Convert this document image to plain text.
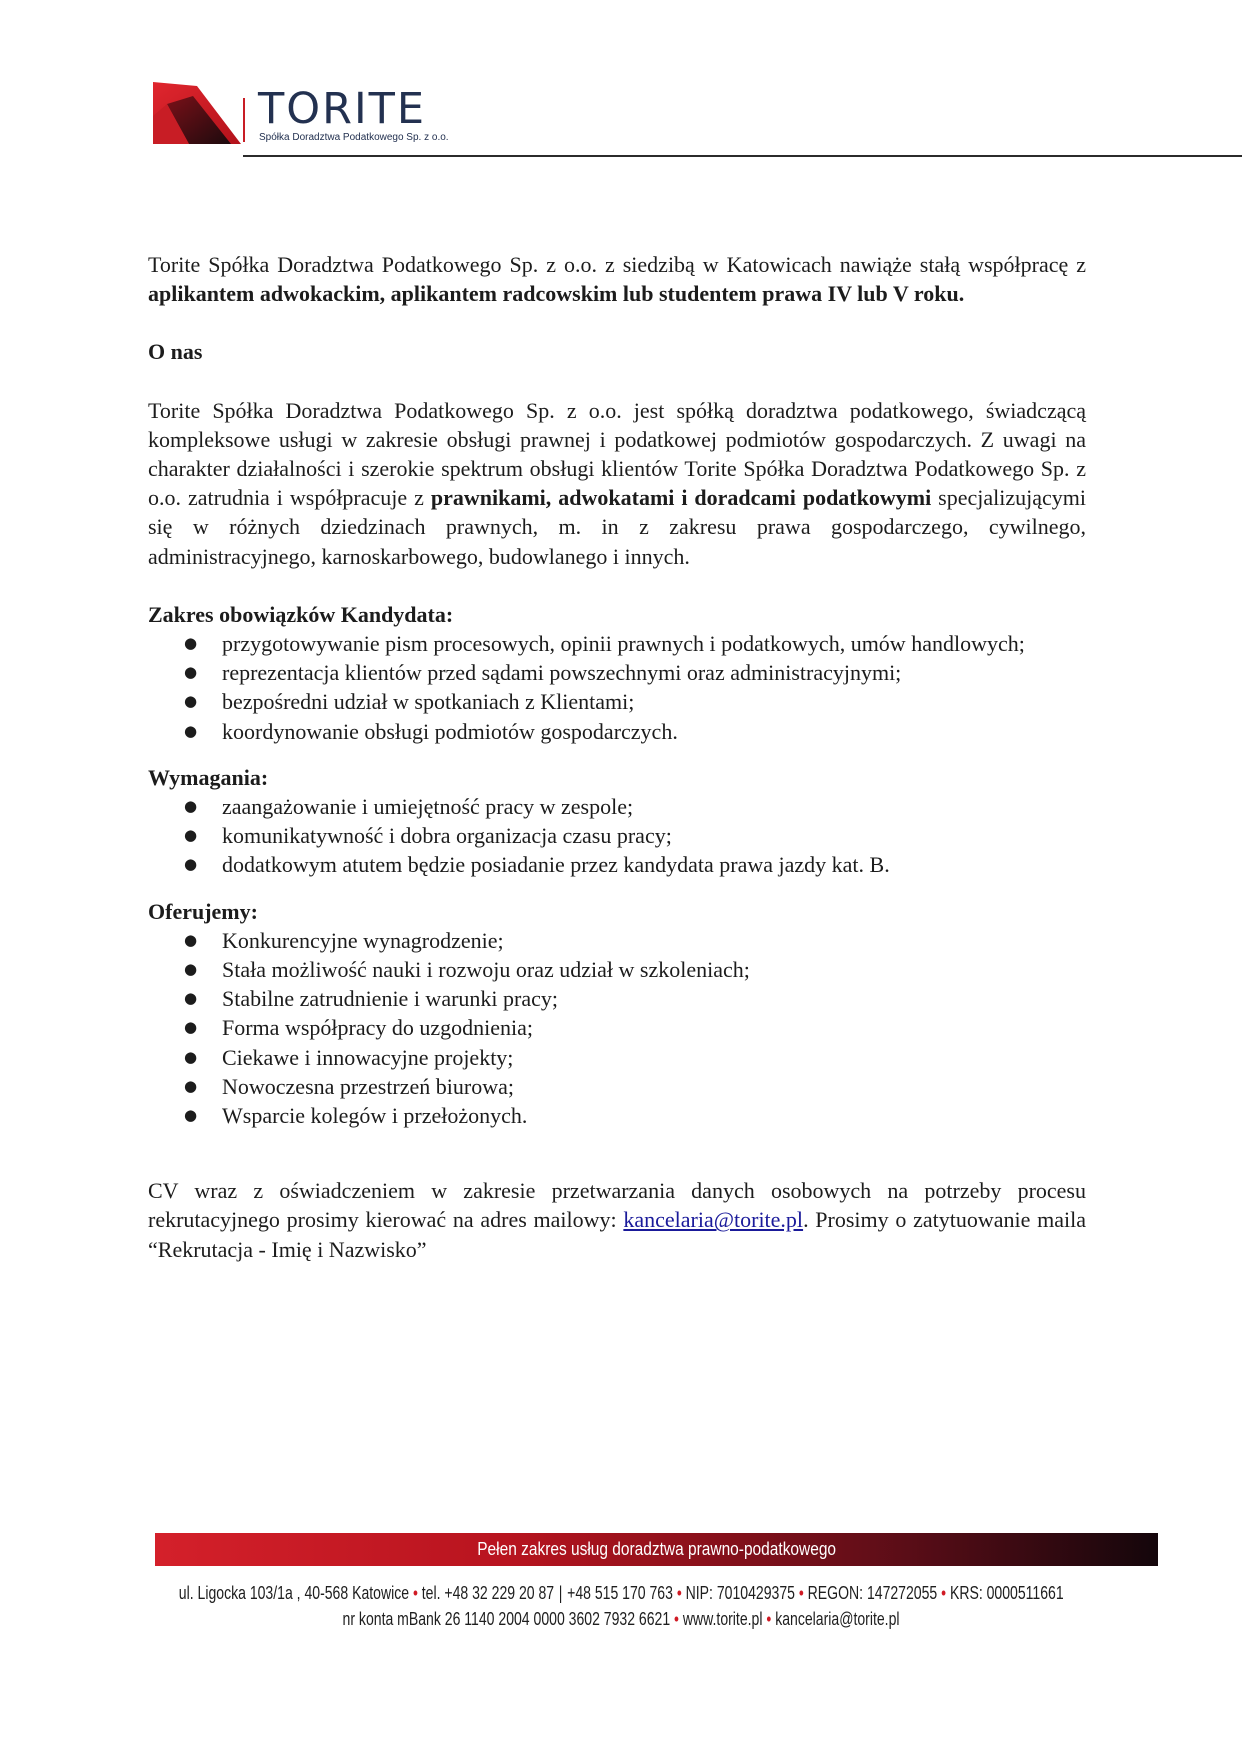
TORITE
Spółka Doradztwa Podatkowego Sp. z o.o.

Torite Spółka Doradztwa Podatkowego Sp. z o.o. z siedzibą w Katowicach nawiąże stałą współpracę z aplikantem adwokackim, aplikantem radcowskim lub studentem prawa IV lub V roku.

O nas

Torite Spółka Doradztwa Podatkowego Sp. z o.o. jest spółką doradztwa podatkowego, świadczącą kompleksowe usługi w zakresie obsługi prawnej i podatkowej podmiotów gospodarczych. Z uwagi na charakter działalności i szerokie spektrum obsługi klientów Torite Spółka Doradztwa Podatkowego Sp. z o.o. zatrudnia i współpracuje z prawnikami, adwokatami i doradcami podatkowymi specjalizującymi się w różnych dziedzinach prawnych, m. in z zakresu prawa gospodarczego, cywilnego, administracyjnego, karnoskarbowego, budowlanego i innych.

Zakres obowiązków Kandydata:

● przygotowywanie pism procesowych, opinii prawnych i podatkowych, umów handlowych;
● reprezentacja klientów przed sądami powszechnymi oraz administracyjnymi;
● bezpośredni udział w spotkaniach z Klientami;
● koordynowanie obsługi podmiotów gospodarczych.

Wymagania:

● zaangażowanie i umiejętność pracy w zespole;
● komunikatywność i dobra organizacja czasu pracy;
● dodatkowym atutem będzie posiadanie przez kandydata prawa jazdy kat. B.

Oferujemy:

● Konkurencyjne wynagrodzenie;
● Stała możliwość nauki i rozwoju oraz udział w szkoleniach;
● Stabilne zatrudnienie i warunki pracy;
● Forma współpracy do uzgodnienia;
● Ciekawe i innowacyjne projekty;
● Nowoczesna przestrzeń biurowa;
● Wsparcie kolegów i przełożonych.

CV wraz z oświadczeniem w zakresie przetwarzania danych osobowych na potrzeby procesu rekrutacyjnego prosimy kierować na adres mailowy: kancelaria@torite.pl. Prosimy o zatytuowanie maila “Rekrutacja - Imię i Nazwisko”

Pełen zakres usług doradztwa prawno-podatkowego
ul. Ligocka 103/1a , 40-568 Katowice • tel. +48 32 229 20 87 | +48 515 170 763 • NIP: 7010429375 • REGON: 147272055 • KRS: 0000511661
nr konta mBank 26 1140 2004 0000 3602 7932 6621 • www.torite.pl • kancelaria@torite.pl
